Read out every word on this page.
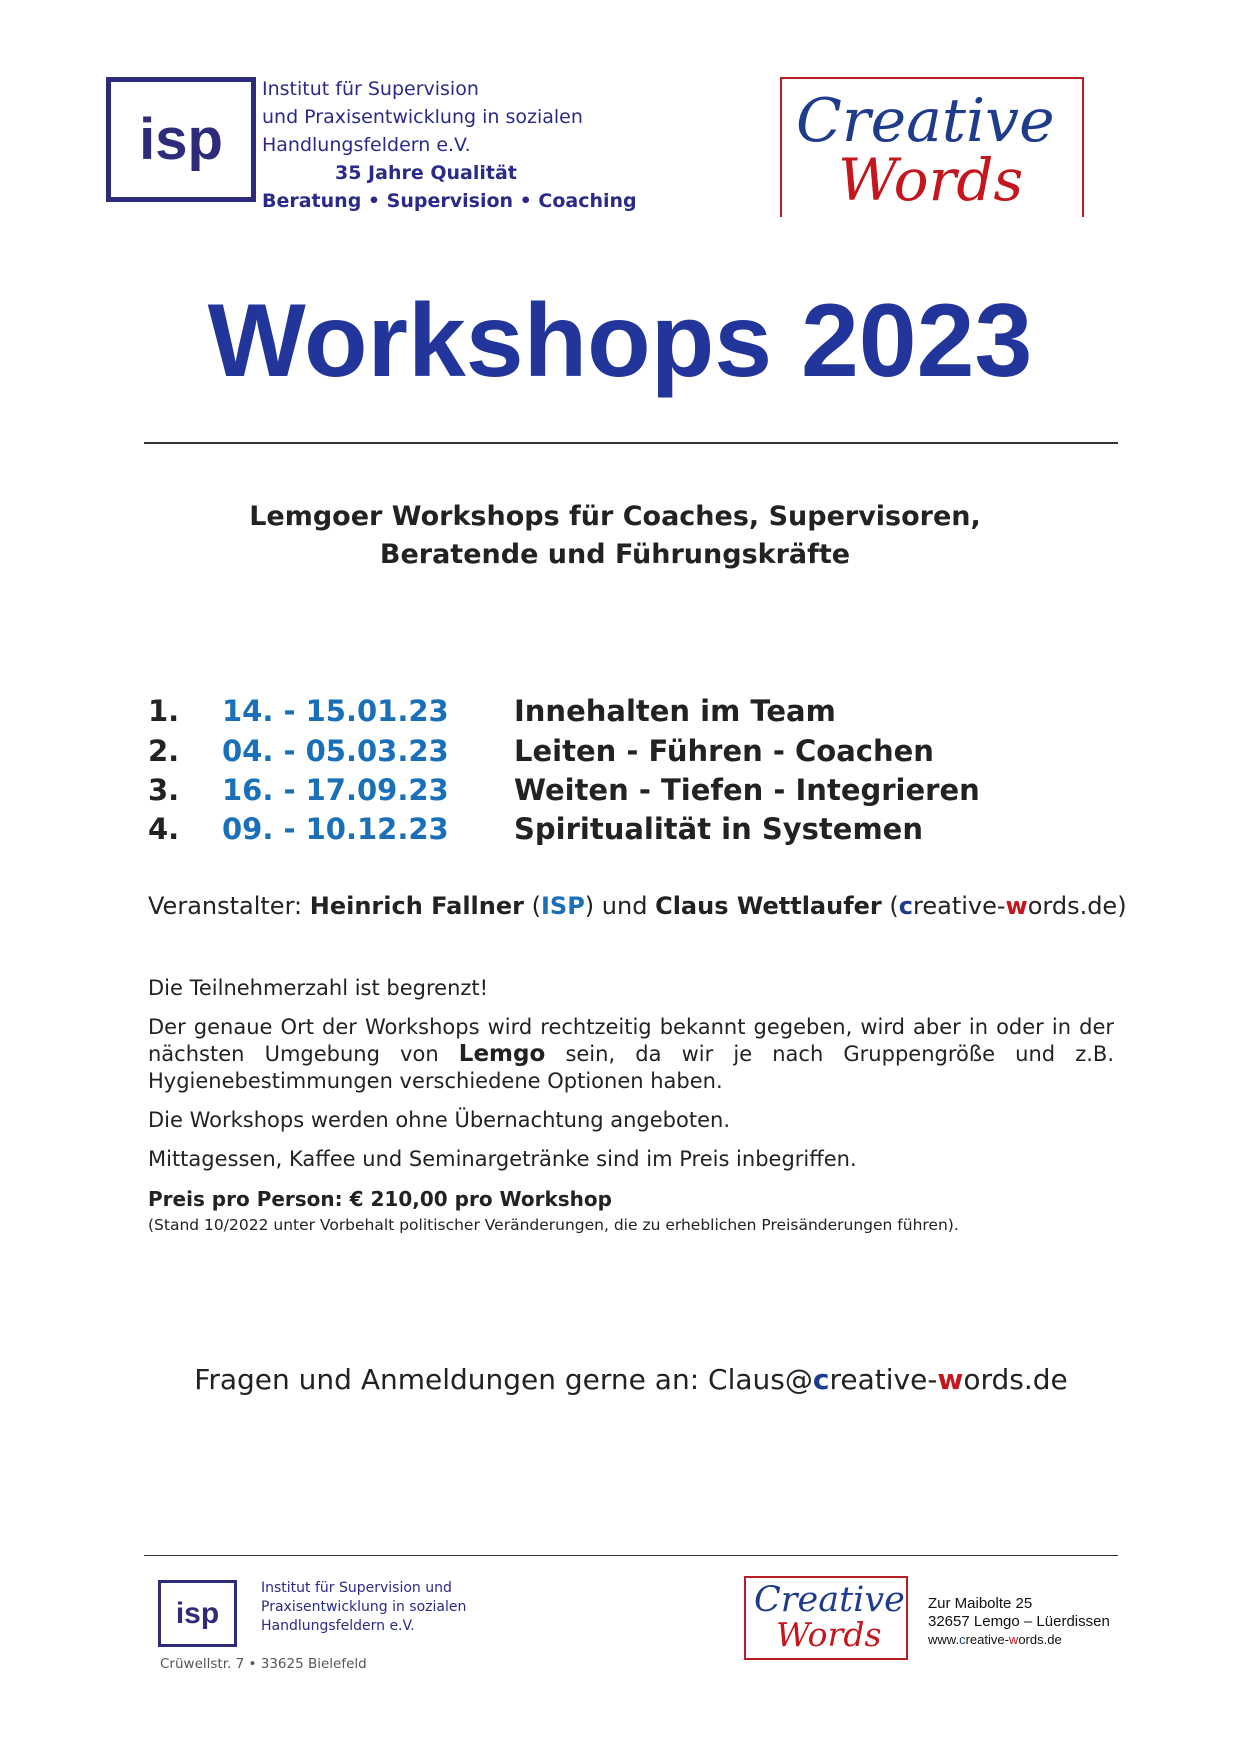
isp
Institut für Supervision
und Praxisentwicklung in sozialen
Handlungsfeldern e.V.
35 Jahre Qualität
Beratung • Supervision • Coaching
Creative
Words
Workshops 2023
Lemgoer Workshops für Coaches, Supervisoren,
Beratende und Führungskräfte
1.	14. - 15.01.23	Innehalten im Team
2.	04. - 05.03.23	Leiten - Führen - Coachen
3.	16. - 17.09.23	Weiten - Tiefen - Integrieren
4.	09. - 10.12.23	Spiritualität in Systemen
Veranstalter: Heinrich Fallner (ISP) und Claus Wettlaufer (creative-words.de)
Die Teilnehmerzahl ist begrenzt!
Der genaue Ort der Workshops wird rechtzeitig bekannt gegeben, wird aber in oder in der nächsten Umgebung von Lemgo sein, da wir je nach Gruppengröße und z.B. Hygienebestimmungen verschiedene Optionen haben.
Die Workshops werden ohne Übernachtung angeboten.
Mittagessen, Kaffee und Seminargetränke sind im Preis inbegriffen.
Preis pro Person: € 210,00 pro Workshop
(Stand 10/2022 unter Vorbehalt politischer Veränderungen, die zu erheblichen Preisänderungen führen).
Fragen und Anmeldungen gerne an: Claus@creative-words.de
isp
Institut für Supervision und
Praxisentwicklung in sozialen
Handlungsfeldern e.V.
Crüwellstr. 7 • 33625 Bielefeld
Creative
Words
Zur Maibolte 25
32657 Lemgo – Lüerdissen
www.creative-words.de
